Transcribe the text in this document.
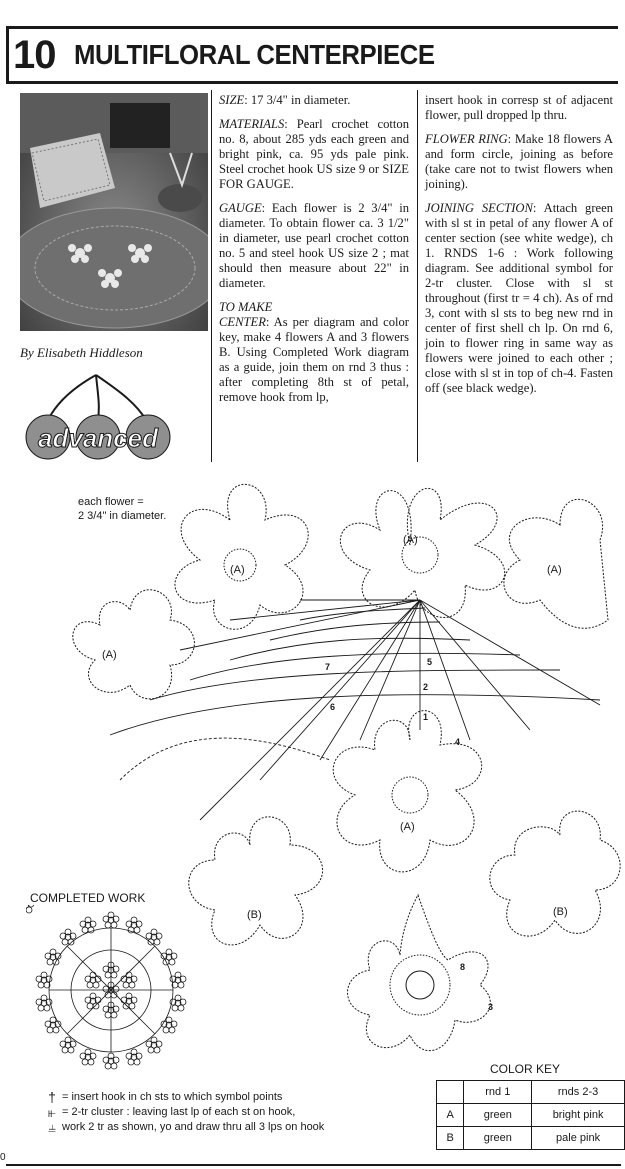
10 MULTIFLORAL CENTERPIECE
By Elisabeth Hiddleson
advanced

SIZE: 17 3/4" in diameter.

MATERIALS: Pearl crochet cotton no. 8, about 285 yds each green and bright pink, ca. 95 yds pale pink. Steel crochet hook US size 9 or SIZE FOR GAUGE.

GAUGE: Each flower is 2 3/4" in diameter. To obtain flower ca. 3 1/2" in diameter, use pearl crochet cotton no. 5 and steel hook US size 2 ; mat should then measure about 22" in diameter.

TO MAKE
CENTER: As per diagram and color key, make 4 flowers A and 3 flowers B. Using Completed Work diagram as a guide, join them on rnd 3 thus : after completing 8th st of petal, remove hook from lp,

insert hook in corresp st of adjacent flower, pull dropped lp thru.

FLOWER RING: Make 18 flowers A and form circle, joining as before (take care not to twist flowers when joining).

JOINING SECTION: Attach green with sl st in petal of any flower A of center section (see white wedge), ch 1. RNDS 1-6 : Work following diagram. See additional symbol for 2-tr cluster. Close with sl st throughout (first tr = 4 ch). As of rnd 3, cont with sl sts to beg new rnd in center of first shell ch lp. On rnd 6, join to flower ring in same way as flowers were joined to each other ; close with sl st in top of ch-4. Fasten off (see black wedge).

(A)
(A)	(A)
(A)
(A)
(B)	(B)
1
2
3
4
5
6
7
8
each flower =
2 3/4" in diameter.
COMPLETED WORK
† = insert hook in ch sts to which symbol points
⫦ = 2-tr cluster : leaving last lp of each st on hook,
⫨ work 2 tr as shown, yo and draw thru all 3 lps on hook
COLOR KEY
	rnd 1	rnds 2-3
A	green	bright pink
B	green	pale pink
0
